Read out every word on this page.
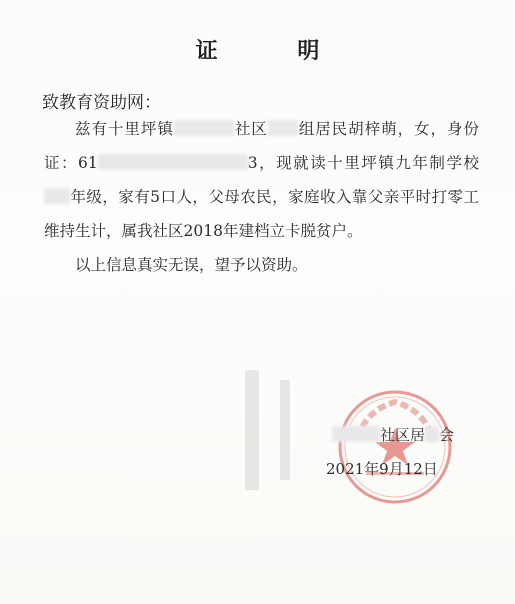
证 明
致教育资助网：

兹有十里坪镇	社区 组居民胡梓萌，女，身份证：61	3，现就读十里坪镇九年制学校年级，家有5口人，父母农民，家庭收入靠父亲平时打零工维持生计，属我社区2018年建档立卡脱贫户。

以上信息真实无误，望予以资助。

社区居 会
2021年9月12日
